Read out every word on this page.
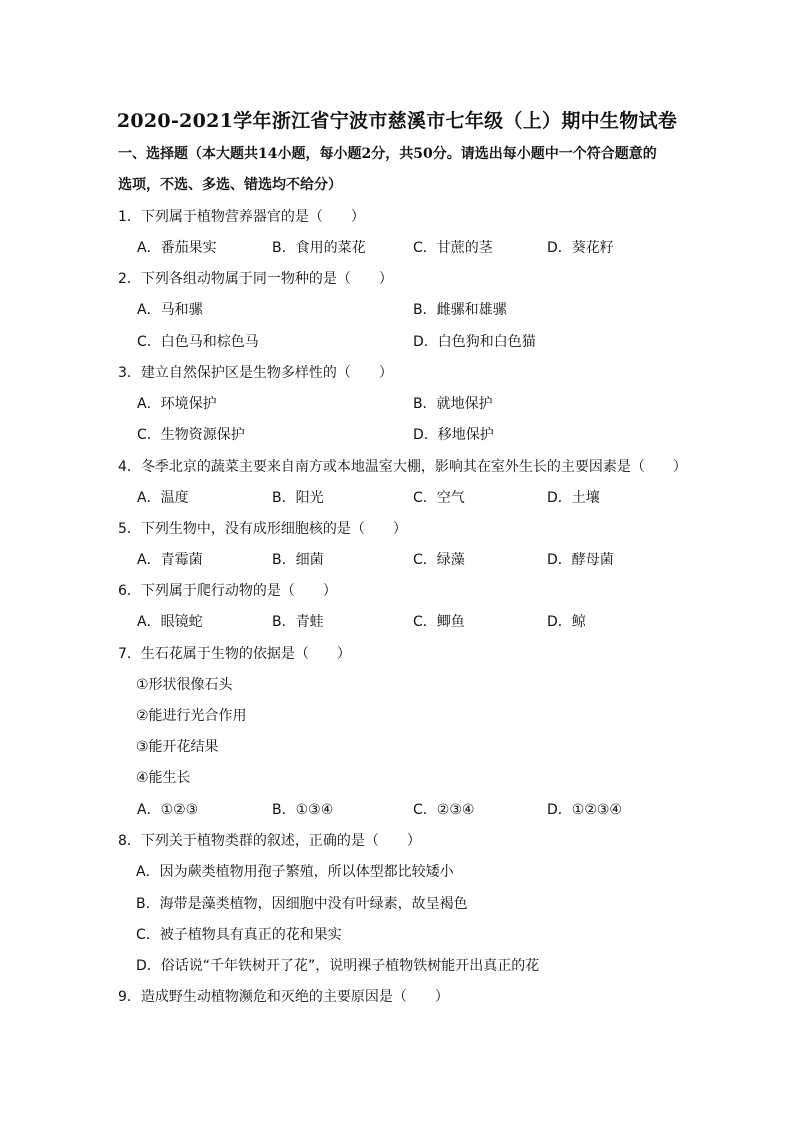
2020-2021学年浙江省宁波市慈溪市七年级（上）期中生物试卷
一、选择题（本大题共14小题，每小题2分，共50分。请选出每小题中一个符合题意的
选项，不选、多选、错选均不给分）
1．下列属于植物营养器官的是（　　）
A．番茄果实	B．食用的菜花	C．甘蔗的茎	D．葵花籽
2．下列各组动物属于同一物种的是（　　）
A．马和骡	B．雌骡和雄骡
C．白色马和棕色马	D．白色狗和白色猫
3．建立自然保护区是生物多样性的（　　）
A．环境保护	B．就地保护
C．生物资源保护	D．移地保护
4．冬季北京的蔬菜主要来自南方或本地温室大棚，影响其在室外生长的主要因素是（　　）
A．温度	B．阳光	C．空气	D．土壤
5．下列生物中，没有成形细胞核的是（　　）
A．青霉菌	B．细菌	C．绿藻	D．酵母菌
6．下列属于爬行动物的是（　　）
A．眼镜蛇	B．青蛙	C．鲫鱼	D．鲸
7．生石花属于生物的依据是（　　）
①形状很像石头
②能进行光合作用
③能开花结果
④能生长
A．①②③	B．①③④	C．②③④	D．①②③④
8．下列关于植物类群的叙述，正确的是（　　）
A．因为蕨类植物用孢子繁殖，所以体型都比较矮小
B．海带是藻类植物，因细胞中没有叶绿素，故呈褐色
C．被子植物具有真正的花和果实
D．俗话说“千年铁树开了花”，说明裸子植物铁树能开出真正的花
9．造成野生动植物濒危和灭绝的主要原因是（　　）
